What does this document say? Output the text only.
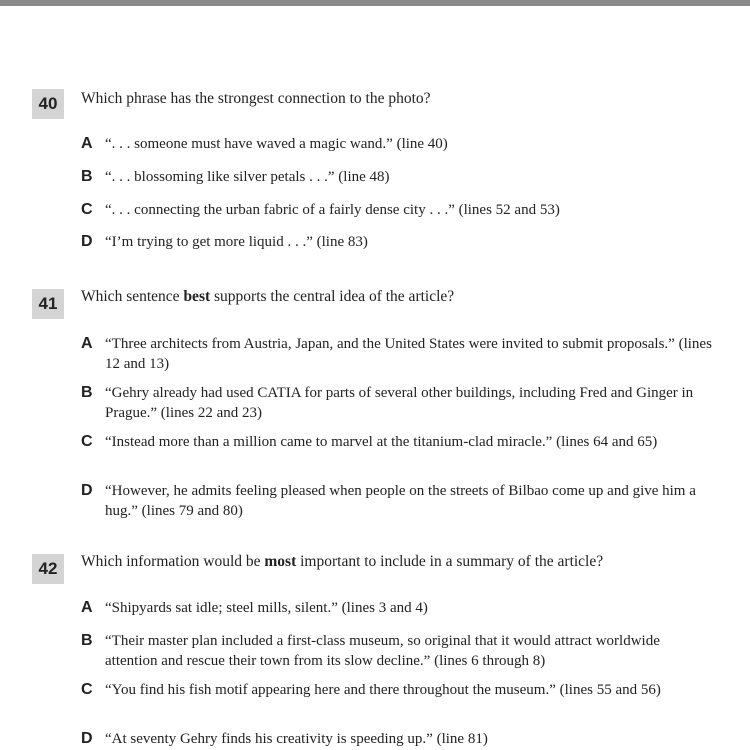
40	Which phrase has the strongest connection to the photo?
A “. . . someone must have waved a magic wand.” (line 40)
B “. . . blossoming like silver petals . . .” (line 48)
C “. . . connecting the urban fabric of a fairly dense city . . .” (lines 52 and 53)
D “I’m trying to get more liquid . . .” (line 83)
41	Which sentence best supports the central idea of the article?
A “Three architects from Austria, Japan, and the United States were invited to submit proposals.” (lines 12 and 13)
B “Gehry already had used CATIA for parts of several other buildings, including Fred and Ginger in Prague.” (lines 22 and 23)
C “Instead more than a million came to marvel at the titanium-clad miracle.” (lines 64 and 65)
D “However, he admits feeling pleased when people on the streets of Bilbao come up and give him a hug.” (lines 79 and 80)
42	Which information would be most important to include in a summary of the article?
A “Shipyards sat idle; steel mills, silent.” (lines 3 and 4)
B “Their master plan included a first-class museum, so original that it would attract worldwide attention and rescue their town from its slow decline.” (lines 6 through 8)
C “You find his fish motif appearing here and there throughout the museum.” (lines 55 and 56)
D “At seventy Gehry finds his creativity is speeding up.” (line 81)
